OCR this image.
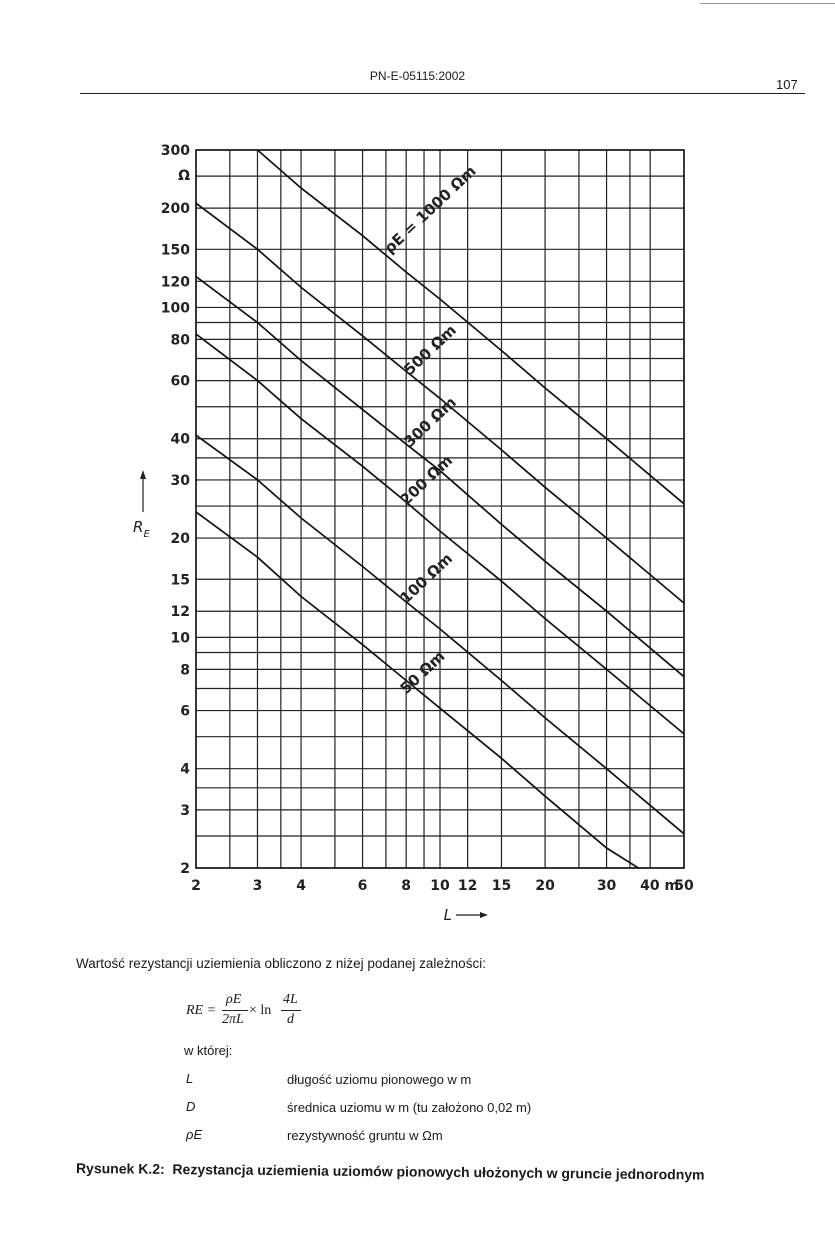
PN-E-05115:2002
107
300
200
150
120
100
80
60
40
30
20
15
12
10
8
6
4
3
2
Ω
2	3 4	6 8 10 12 15 20	30 40 m
50
ρE = 1000 Ωm
500 Ωm
300 Ωm
200 Ωm
100 Ωm
50 Ωm
L
$R_E$
Wartość rezystancji uziemienia obliczono z niżej podanej zależności:
RE =
ρE
2πL
× ln
4L
d
w której:
L	długość uziomu pionowego w m
D	średnica uziomu w m (tu założono 0,02 m)
ρE	rezystywność gruntu w Ωm
Rysunek K.2: Rezystancja uziemienia uziomów pionowych ułożonych w gruncie jednorodnym
